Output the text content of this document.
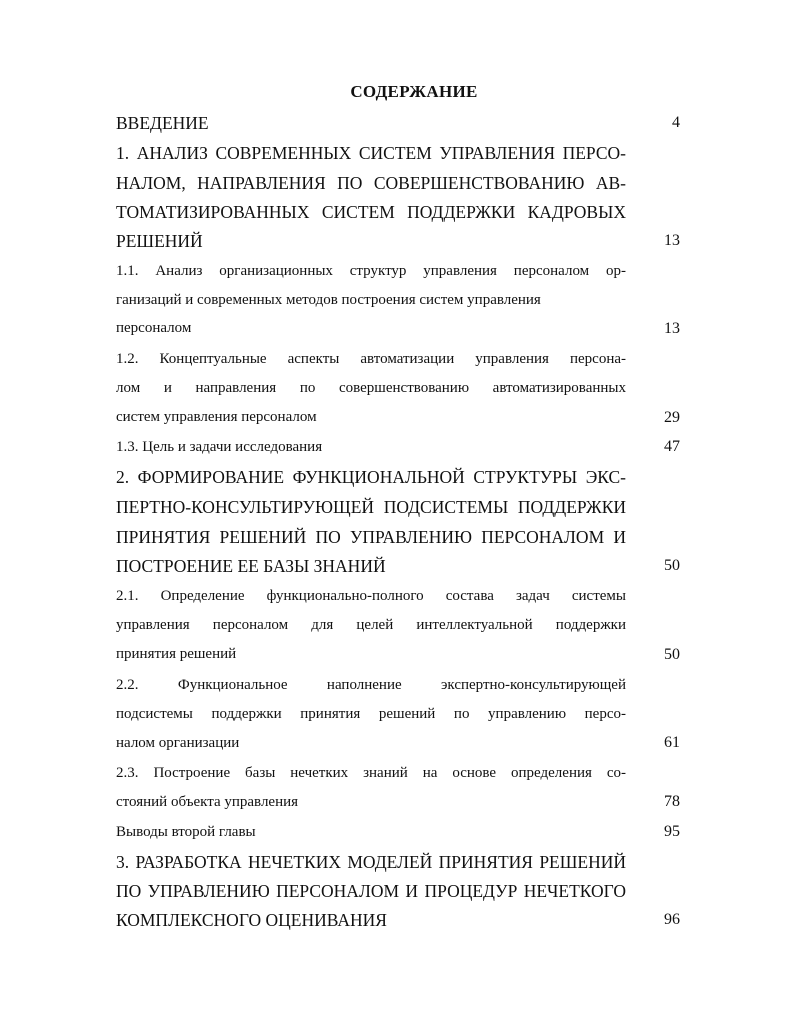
СОДЕРЖАНИЕ
ВВЕДЕНИЕ	4
1. АНАЛИЗ СОВРЕМЕННЫХ СИСТЕМ УПРАВЛЕНИЯ ПЕРСО-
НАЛОМ, НАПРАВЛЕНИЯ ПО СОВЕРШЕНСТВОВАНИЮ АВ-
ТОМАТИЗИРОВАННЫХ СИСТЕМ ПОДДЕРЖКИ КАДРОВЫХ
РЕШЕНИЙ	13
1.1. Анализ организационных структур управления персоналом ор-
ганизаций и современных методов построения систем управления
персоналом	13
1.2. Концептуальные аспекты автоматизации управления персона-
лом и направления по совершенствованию автоматизированных
систем управления персоналом	29
1.3. Цель и задачи исследования	47
2. ФОРМИРОВАНИЕ ФУНКЦИОНАЛЬНОЙ СТРУКТУРЫ ЭКС-
ПЕРТНО-КОНСУЛЬТИРУЮЩЕЙ ПОДСИСТЕМЫ ПОДДЕРЖКИ
ПРИНЯТИЯ РЕШЕНИЙ ПО УПРАВЛЕНИЮ ПЕРСОНАЛОМ И
ПОСТРОЕНИЕ ЕЕ БАЗЫ ЗНАНИЙ	50
2.1. Определение функционально-полного состава задач системы
управления персоналом для целей интеллектуальной поддержки
принятия решений	50
2.2. Функциональное наполнение экспертно-консультирующей
подсистемы поддержки принятия решений по управлению персо-
налом организации	61
2.3. Построение базы нечетких знаний на основе определения со-
стояний объекта управления	78
Выводы второй главы	95
3. РАЗРАБОТКА НЕЧЕТКИХ МОДЕЛЕЙ ПРИНЯТИЯ РЕШЕНИЙ
ПО УПРАВЛЕНИЮ ПЕРСОНАЛОМ И ПРОЦЕДУР НЕЧЕТКОГО
КОМПЛЕКСНОГО ОЦЕНИВАНИЯ	96
